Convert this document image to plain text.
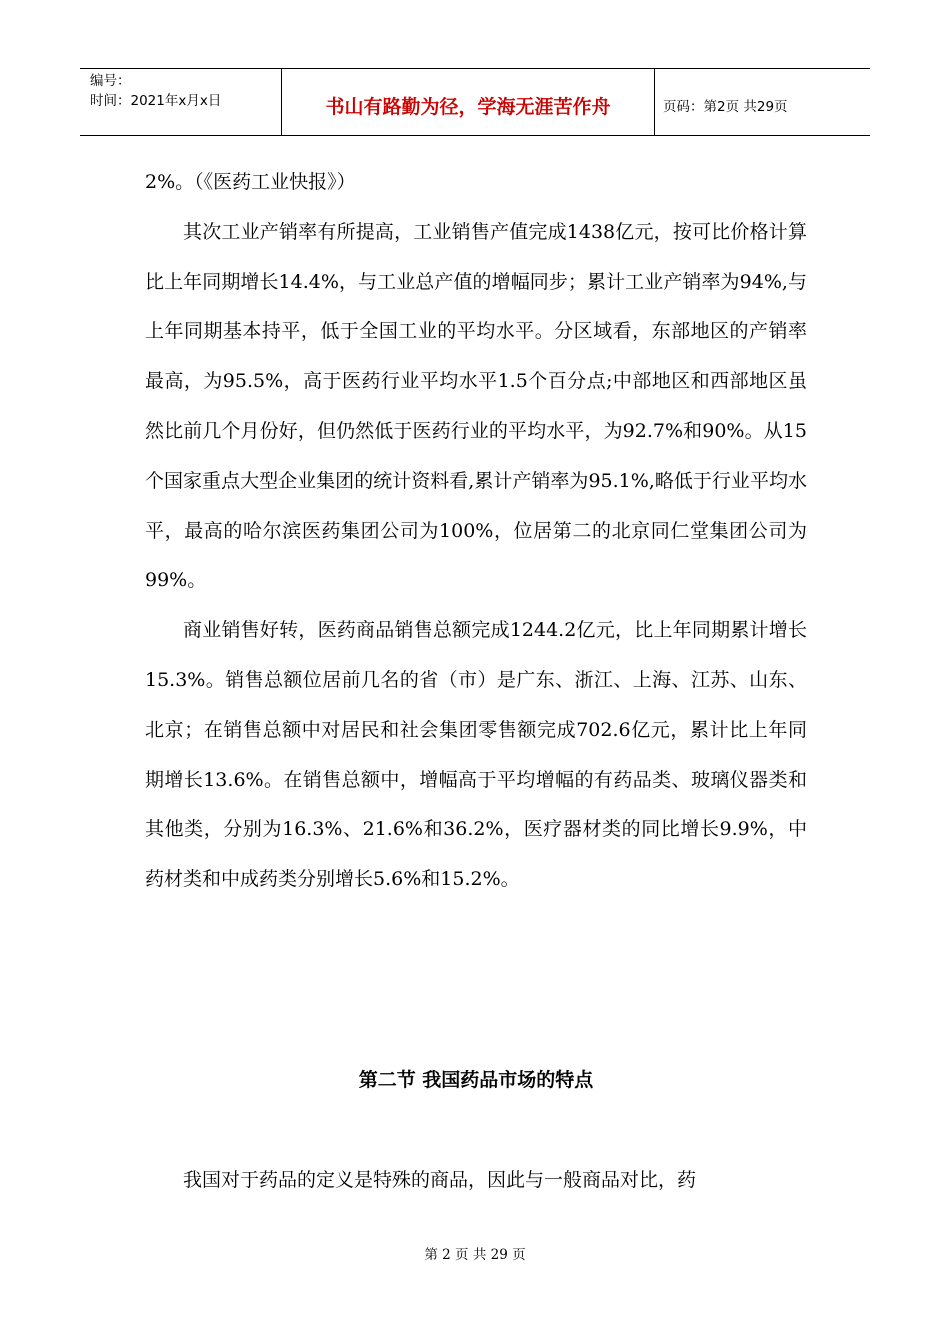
编号：
时间：2021年x月x日	书山有路勤为径，学海无涯苦作舟	页码：第2页 共29页

2%。（《医药工业快报》）

其次工业产销率有所提高，工业销售产值完成1438亿元，按可比价格计算比上年同期增长14.4%，与工业总产值的增幅同步；累计工业产销率为94%,与上年同期基本持平，低于全国工业的平均水平。分区域看，东部地区的产销率最高，为95.5%，高于医药行业平均水平1.5个百分点;中部地区和西部地区虽然比前几个月份好，但仍然低于医药行业的平均水平，为92.7%和90%。从15个国家重点大型企业集团的统计资料看,累计产销率为95.1%,略低于行业平均水平，最高的哈尔滨医药集团公司为100%，位居第二的北京同仁堂集团公司为99%。

商业销售好转，医药商品销售总额完成1244.2亿元，比上年同期累计增长15.3%。销售总额位居前几名的省（市）是广东、浙江、上海、江苏、山东、北京；在销售总额中对居民和社会集团零售额完成702.6亿元，累计比上年同期增长13.6%。在销售总额中，增幅高于平均增幅的有药品类、玻璃仪器类和其他类，分别为16.3%、21.6%和36.2%，医疗器材类的同比增长9.9%，中药材类和中成药类分别增长5.6%和15.2%。

第二节 我国药品市场的特点
我国对于药品的定义是特殊的商品，因此与一般商品对比，药
第 2 页 共 29 页
